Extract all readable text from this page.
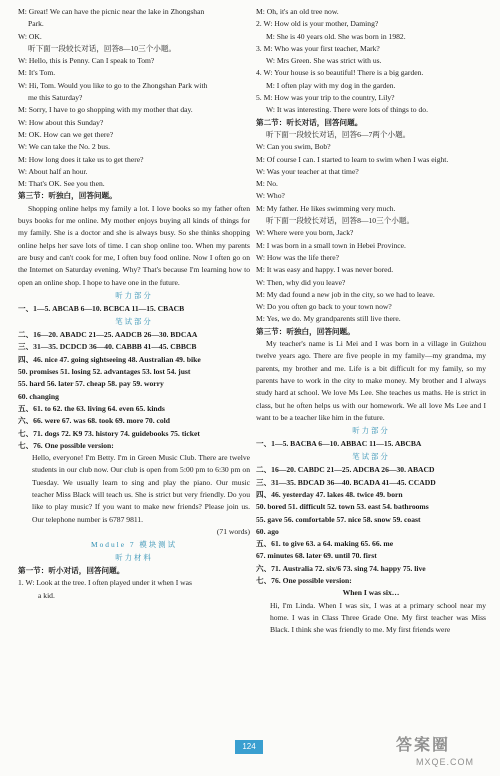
M: Great! We can have the picnic near the lake in Zhongshan
Park.
W: OK.
听下面一段较长对话，回答8—10三个小题。
W: Hello, this is Penny. Can I speak to Tom?
M: It's Tom.
W: Hi, Tom. Would you like to go to the Zhongshan Park with
me this Saturday?
M: Sorry, I have to go shopping with my mother that day.
W: How about this Sunday?
M: OK. How can we get there?
W: We can take the No. 2 bus.
M: How long does it take us to get there?
W: About half an hour.
M: That's OK. See you then.
第三节：听独白，回答问题。
Shopping online helps my family a lot. I love books so my father often buys books for me online. My mother enjoys buying all kinds of things for my family. She is a doctor and she is always busy. So she thinks shopping online helps her save lots of time. I can shop online too. When my parents are busy and can't cook for me, I often buy food online. Now I often go on the Internet on Saturday evening. Why? That's because I'm learning how to open an online shop. I hope to have one in the future.
听力部分
一、1—5. ABCAB 6—10. BCBCA 11—15. CBACB
笔试部分
二、16—20. ABADC 21—25. AADCB 26—30. BDCAA
三、31—35. DCDCD 36—40. CABBB 41—45. CBBCB
四、46. nice 47. going sightseeing 48. Australian 49. bike
50. promises 51. losing 52. advantages 53. lost 54. just
55. hard 56. later 57. cheap 58. pay 59. worry
60. changing
五、61. to 62. the 63. living 64. even 65. kinds
六、66. were 67. was 68. took 69. more 70. cold
七、71. dogs 72. K9 73. history 74. guidebooks 75. ticket
七、76. One possible version:
Hello, everyone! I'm Betty. I'm in Green Music Club. There are twelve students in our club now. Our club is open from 5:00 pm to 6:30 pm on Tuesday. We usually learn to sing and play the piano. Our music teacher Miss Black will teach us. She is strict but very friendly. Do you like to play music? If you want to make new friends? Please join us. Our telephone number is 6787 9811.
(71 words)
Module 7 模块测试
听力材料
第一节：听小对话，回答问题。
1. W: Look at the tree. I often played under it when I was
a kid.
M: Oh, it's an old tree now.
2. W: How old is your mother, Daming?
M: She is 40 years old. She was born in 1982.
3. M: Who was your first teacher, Mark?
W: Mrs Green. She was strict with us.
4. W: Your house is so beautiful! There is a big garden.
M: I often play with my dog in the garden.
5. M: How was your trip to the country, Lily?
W: It was interesting. There were lots of things to do.
第二节：听长对话，回答问题。
听下面一段较长对话，回答6—7两个小题。
W: Can you swim, Bob?
M: Of course I can. I started to learn to swim when I was eight.
W: Was your teacher at that time?
M: No.
W: Who?
M: My father. He likes swimming very much.
听下面一段较长对话，回答8—10三个小题。
W: Where were you born, Jack?
M: I was born in a small town in Hebei Province.
W: How was the life there?
M: It was easy and happy. I was never bored.
W: Then, why did you leave?
M: My dad found a new job in the city, so we had to leave.
W: Do you often go back to your town now?
M: Yes, we do. My grandparents still live there.
第三节：听独白，回答问题。
My teacher's name is Li Mei and I was born in a village in Guizhou twelve years ago. There are five people in my family—my grandma, my parents, my brother and me. Life is a bit difficult for my family, so my parents have to work in the city to make money. My brother and I always study hard at school. We love Ms Lee. She teaches us maths. He is strict in class, but he often helps us with our homework. We all love Ms Lee and I want to be a teacher like him in the future.
听力部分
一、1—5. BACBA 6—10. ABBAC 11—15. ABCBA
笔试部分
二、16—20. CABDC 21—25. ADCBA 26—30. ABACD
三、31—35. BDCAD 36—40. BCADA 41—45. CCADD
四、46. yesterday 47. lakes 48. twice 49. born
50. bored 51. difficult 52. town 53. east 54. bathrooms
55. gave 56. comfortable 57. nice 58. snow 59. coast
60. ago
五、61. to give 63. a 64. making 65. 66. me
67. minutes 68. later 69. until 70. first
六、71. Australia 72. six/6 73. sing 74. happy 75. live
七、76. One possible version:
When I was six…
Hi, I'm Linda. When I was six, I was at a primary school near my home. I was in Class Three Grade One. My first teacher was Miss Black. I think she was friendly to me. My first friends were
124	答案圈
MXQE.COM
